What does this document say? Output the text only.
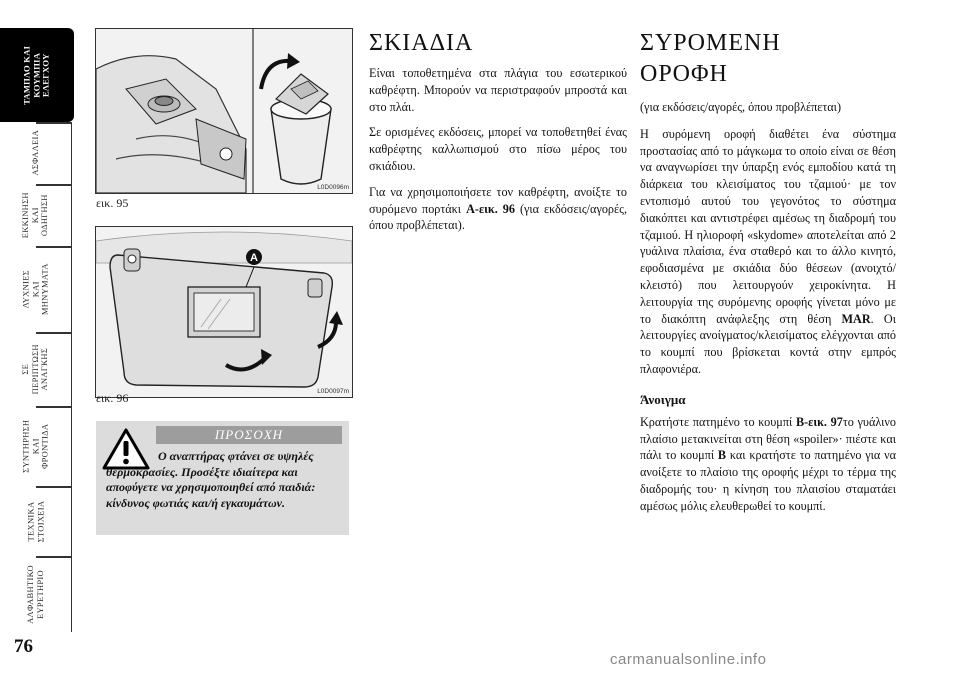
ΤΑΜΠΛΟ ΚΑΙ
ΚΟΥΜΠΙΑ
ΕΛΕΓΧΟΥ
ΑΣΦΑΛΕΙΑ
ΕΚΚΙΝΗΣΗ
ΚΑΙ
ΟΔΗΓΗΣΗ
ΛΥΧΝΙΕΣ
ΚΑΙ
ΜΗΝΥΜΑΤΑ
ΣΕ
ΠΕΡΙΠΤΩΣΗ
ΑΝΑΓΚΗΣ
ΣΥΝΤΗΡΗΣΗ
ΚΑΙ
ΦΡΟΝΤΙΔΑ
ΤΕΧΝΙΚΑ
ΣΤΟΙΧΕΙΑ
ΑΛΦΑΒΗΤΙΚΟ
ΕΥΡΕΤΗΡΙΟ
76
L0D0096m
εικ. 95
A
L0D0097m
εικ. 96
ΠΡΟΣΟΧΗ
Ο αναπτήρας φτάνει σε υψηλές θερμοκρασίες. Προσέξτε ιδιαίτερα και αποφύγετε να χρησιμοποιηθεί από παιδιά: κίνδυνος φωτιάς και/ή εγκαυμάτων.
ΣΚΙΑΔΙΑ

Είναι τοποθετημένα στα πλάγια του εσωτερικού καθρέφτη. Μπορούν να περιστραφούν μπροστά και στο πλάι.

Σε ορισμένες εκδόσεις, μπορεί να τοποθετηθεί ένας καθρέφτης καλλωπισμού στο πίσω μέρος του σκιάδιου.

Για να χρησιμοποιήσετε τον καθρέφτη, ανοίξτε το συρόμενο πορτάκι A-εικ. 96 (για εκδόσεις/αγορές, όπου προβλέπεται).

ΣΥΡΟΜΕΝΗ ΟΡΟΦΗ

(για εκδόσεις/αγορές, όπου προβλέπεται)

Η συρόμενη οροφή διαθέτει ένα σύστημα προστασίας από το μάγκωμα το οποίο είναι σε θέση να αναγνωρίσει την ύπαρξη ενός εμποδίου κατά τη διάρκεια του κλεισίματος του τζαμιού· με τον εντοπισμό αυτού του γεγονότος το σύστημα διακόπτει και αντιστρέφει αμέσως τη διαδρομή του τζαμιού. Η ηλιοροφή «skydome» αποτελείται από 2 γυάλινα πλαίσια, ένα σταθερό και το άλλο κινητό, εφοδιασμένα με σκιάδια δύο θέσεων (ανοιχτό/κλειστό) που λειτουργούν χειροκίνητα. Η λειτουργία της συρόμενης οροφής γίνεται μόνο με το διακόπτη ανάφλεξης στη θέση MAR. Οι λειτουργίες ανοίγματος/κλεισίματος ελέγχονται από το κουμπί που βρίσκεται κοντά στην εμπρός πλαφονιέρα.

Άνοιγμα

Κρατήστε πατημένο το κουμπί B-εικ. 97το γυάλινο πλαίσιο μετακινείται στη θέση «spoiler»· πιέστε και πάλι το κουμπί B και κρατήστε το πατημένο για να ανοίξετε το πλαίσιο της οροφής μέχρι το τέρμα της διαδρομής του· η κίνηση του πλαισίου σταματάει αμέσως μόλις ελευθερωθεί το κουμπί.

carmanualsonline.info
